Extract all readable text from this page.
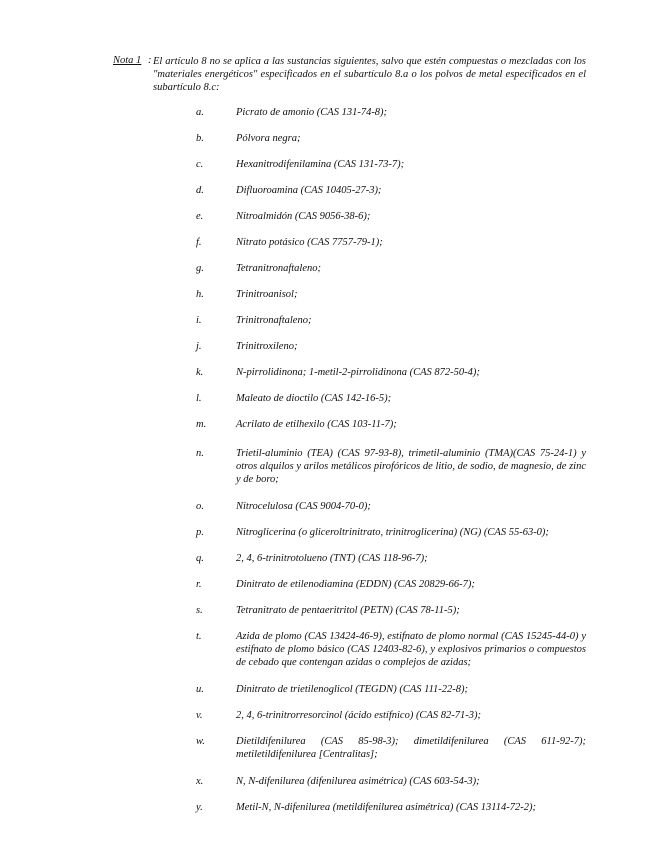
Nota 1 : El artículo 8 no se aplica a las sustancias siguientes, salvo que estén compuestas o mezcladas con los "materiales energéticos" especificados en el subartículo 8.a o los polvos de metal especificados en el subartículo 8.c:
a.	Picrato de amonio (CAS 131-74-8);
b.	Pólvora negra;
c.	Hexanitrodifenilamina (CAS 131-73-7);
d.	Difluoroamina (CAS 10405-27-3);
e.	Nitroalmidón (CAS 9056-38-6);
f.	Nitrato potásico (CAS 7757-79-1);
g.	Tetranitronaftaleno;
h.	Trinitroanisol;
i.	Trinitronaftaleno;
j.	Trinitroxileno;
k.	N-pirrolidinona; 1-metil-2-pirrolidinona (CAS 872-50-4);
l.	Maleato de dioctilo (CAS 142-16-5);
m.	Acrilato de etilhexilo (CAS 103-11-7);
n.	Trietil-aluminio (TEA) (CAS 97-93-8), trimetil-aluminio (TMA)(CAS 75-24-1) y otros alquilos y arilos metálicos pirofóricos de litio, de sodio, de magnesio, de zinc y de boro;
o.	Nitrocelulosa (CAS 9004-70-0);
p.	Nitroglicerina (o gliceroltrinitrato, trinitroglicerina) (NG) (CAS 55-63-0);
q.	2, 4, 6-trinitrotolueno (TNT) (CAS 118-96-7);
r.	Dinitrato de etilenodiamina (EDDN) (CAS 20829-66-7);
s.	Tetranitrato de pentaeritritol (PETN) (CAS 78-11-5);
t.	Azida de plomo (CAS 13424-46-9), estifnato de plomo normal (CAS 15245-44-0) y estifnato de plomo básico (CAS 12403-82-6), y explosivos primarios o compuestos de cebado que contengan azidas o complejos de azidas;
u.	Dinitrato de trietilenoglicol (TEGDN) (CAS 111-22-8);
v.	2, 4, 6-trinitrorresorcinol (ácido estífnico) (CAS 82-71-3);
w.	Dietildifenilurea (CAS 85-98-3); dimetildifenilurea (CAS 611-92-7); metiletildifenilurea [Centralitas];
x.	N, N-difenilurea (difenilurea asimétrica) (CAS 603-54-3);
y.	Metil-N, N-difenilurea (metildifenilurea asimétrica) (CAS 13114-72-2);
